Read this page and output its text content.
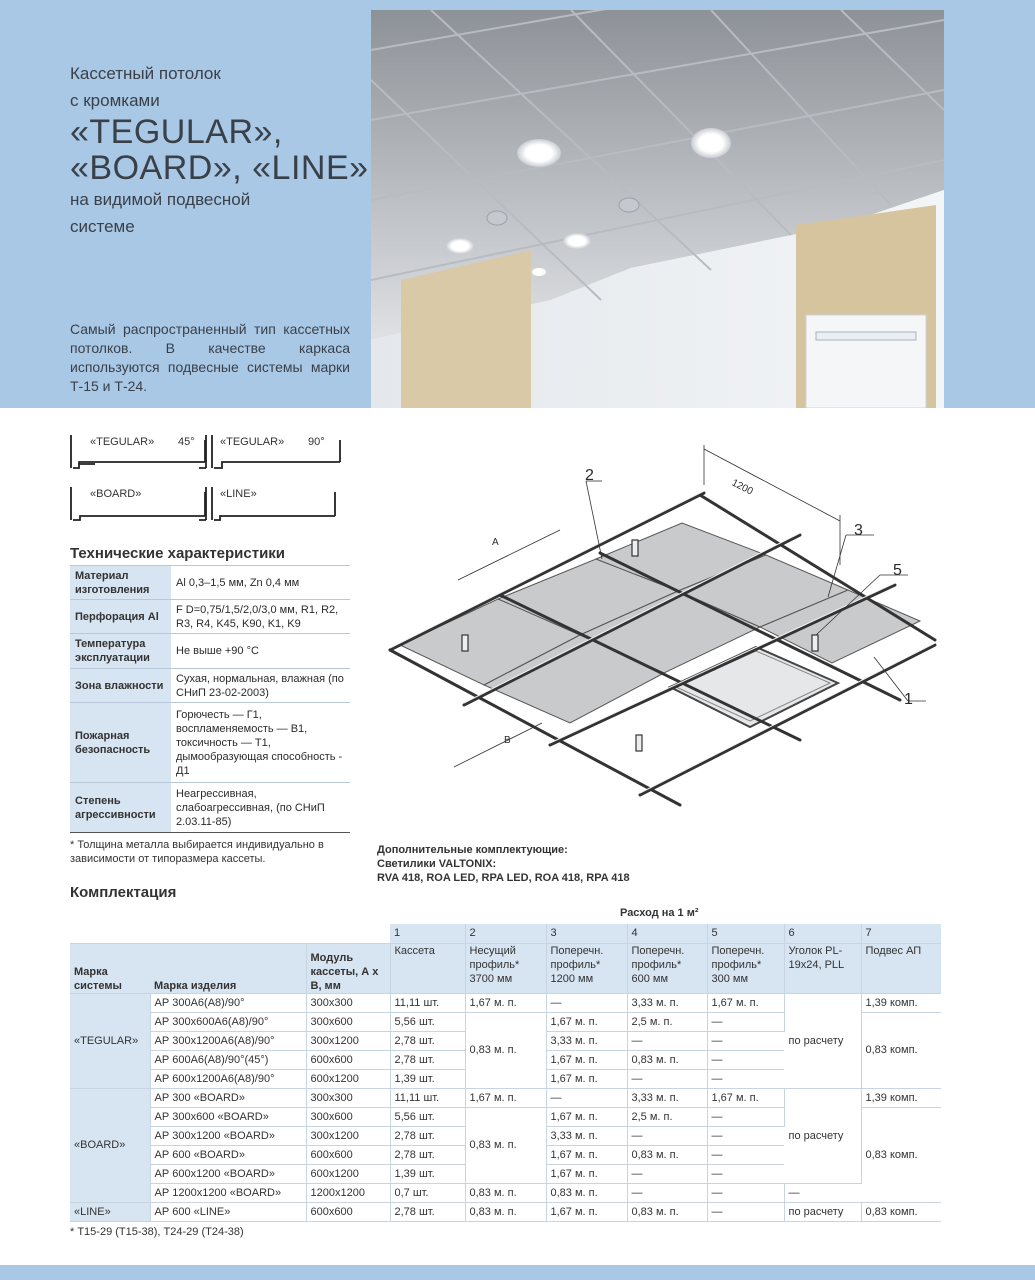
Кассетный потолок
с кромками
«TEGULAR»,
«BOARD», «LINE»
на видимой подвесной
системе
Самый распространенный тип кассетных потолков. В качестве каркаса используются подвесные системы марки Т-15 и Т-24.
«TEGULAR» 45° «TEGULAR» 90°
«BOARD»	«LINE»
Технические характеристики
Материал изготовления	Al 0,3–1,5 мм, Zn 0,4 мм
Перфорация Al	F D=0,75/1,5/2,0/3,0 мм, R1, R2, R3, R4, K45, K90, K1, K9
Температура эксплуатации	Не выше +90 °С
Зона влажности	Сухая, нормальная, влажная (по СНиП 23-02-2003)
Пожарная безопасность	Горючесть — Г1, воспламеняемость — В1, токсичность — Т1, дымообразующая способность - Д1
Степень агрессивности	Неагрессивная, слабоагрессивная, (по СНиП 2.03.11-85)
* Толщина металла выбирается индивидуально в зависимости от типоразмера кассеты.
1200
A
B
2
3
5
1
Дополнительные комплектующие:
Светилики VALTONIX:
RVA 418, ROA LED, RPA LED, ROA 418, RPA 418
Комплектация
Расход на 1 м²
			1	2	3	4	5	6	7
Марка системы	Марка изделия	Модуль кассеты, А x В, мм	Кассета	Несущий профиль* 3700 мм	Поперечн. профиль* 1200 мм	Поперечн. профиль* 600 мм	Поперечн. профиль* 300 мм	Уголок PL-19x24, PLL	Подвес АП
«TEGULAR»	АР 300А6(А8)/90°	300x300	11,11 шт.	1,67 м. п.	—	3,33 м. п.	1,67 м. п.	по расчету	1,39 комп.
	АР 300x600А6(А8)/90°	300x600	5,56 шт.	0,83 м. п.	1,67 м. п.	2,5 м. п.	—		0,83 комп.
	АР 300x1200А6(А8)/90°	300x1200	2,78 шт.		3,33 м. п.	—	—		
	АР 600А6(А8)/90°(45°)	600x600	2,78 шт.		1,67 м. п.	0,83 м. п.	—		
	АР 600x1200А6(А8)/90°	600x1200	1,39 шт.		1,67 м. п.	—	—		
«BOARD»	АР 300 «BOARD»	300x300	11,11 шт.	1,67 м. п.	—	3,33 м. п.	1,67 м. п.	по расчету	1,39 комп.
	АР 300x600 «BOARD»	300x600	5,56 шт.	0,83 м. п.	1,67 м. п.	2,5 м. п.	—		0,83 комп.
	АР 300x1200 «BOARD»	300x1200	2,78 шт.		3,33 м. п.	—	—		
	АР 600 «BOARD»	600x600	2,78 шт.		1,67 м. п.	0,83 м. п.	—		
	АР 600x1200 «BOARD»	600x1200	1,39 шт.		1,67 м. п.	—	—		
	АР 1200x1200 «BOARD»	1200x1200	0,7 шт.	0,83 м. п.	0,83 м. п.	—	—	—	
«LINE»	АР 600 «LINE»	600x600	2,78 шт.	0,83 м. п.	1,67 м. п.	0,83 м. п.	—	по расчету	0,83 комп.
* Т15-29 (Т15-38), Т24-29 (Т24-38)
